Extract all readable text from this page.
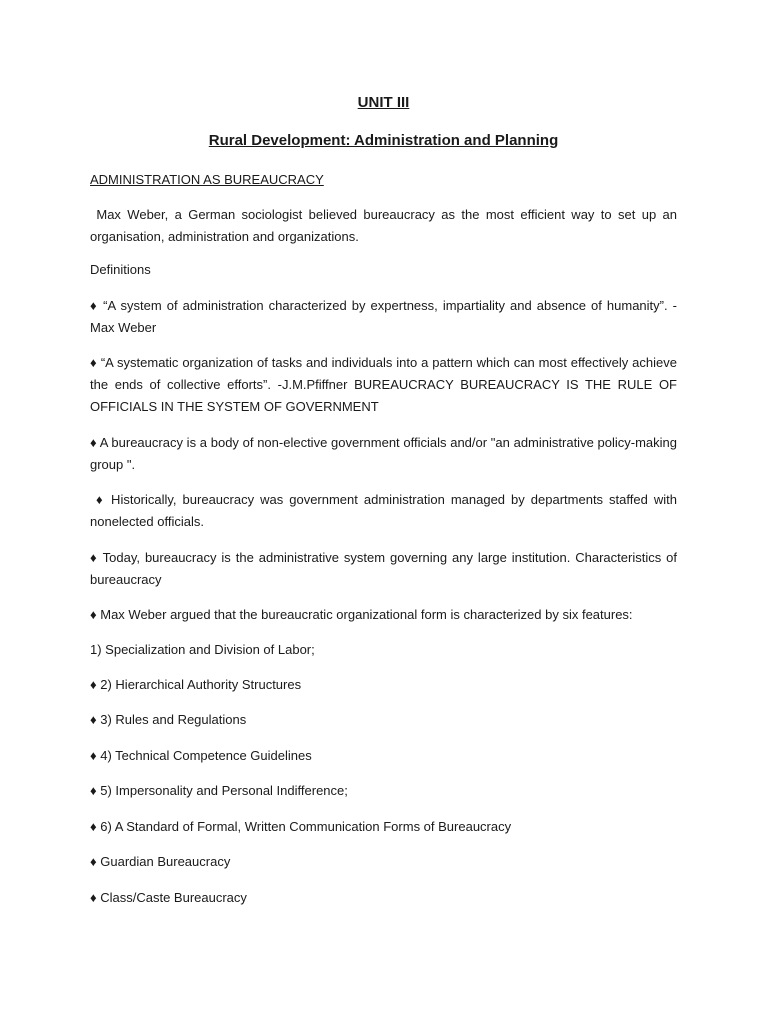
UNIT III
Rural Development: Administration and Planning

ADMINISTRATION AS BUREAUCRACY

Max Weber, a German sociologist believed bureaucracy as the most efficient way to set up an organisation, administration and organizations.

Definitions

♦ “A system of administration characterized by expertness, impartiality and absence of humanity”. -Max Weber

♦ “A systematic organization of tasks and individuals into a pattern which can most effectively achieve the ends of collective efforts”. -J.M.Pfiffner BUREAUCRACY BUREAUCRACY IS THE RULE OF OFFICIALS IN THE SYSTEM OF GOVERNMENT

♦ A bureaucracy is a body of non-elective government officials and/or "an administrative policy-making group ".

♦ Historically, bureaucracy was government administration managed by departments staffed with nonelected officials.

♦ Today, bureaucracy is the administrative system governing any large institution. Characteristics of bureaucracy

♦ Max Weber argued that the bureaucratic organizational form is characterized by six features:

1) Specialization and Division of Labor;

♦ 2) Hierarchical Authority Structures

♦ 3) Rules and Regulations

♦ 4) Technical Competence Guidelines

♦ 5) Impersonality and Personal Indifference;

♦ 6) A Standard of Formal, Written Communication Forms of Bureaucracy

♦ Guardian Bureaucracy

♦ Class/Caste Bureaucracy
